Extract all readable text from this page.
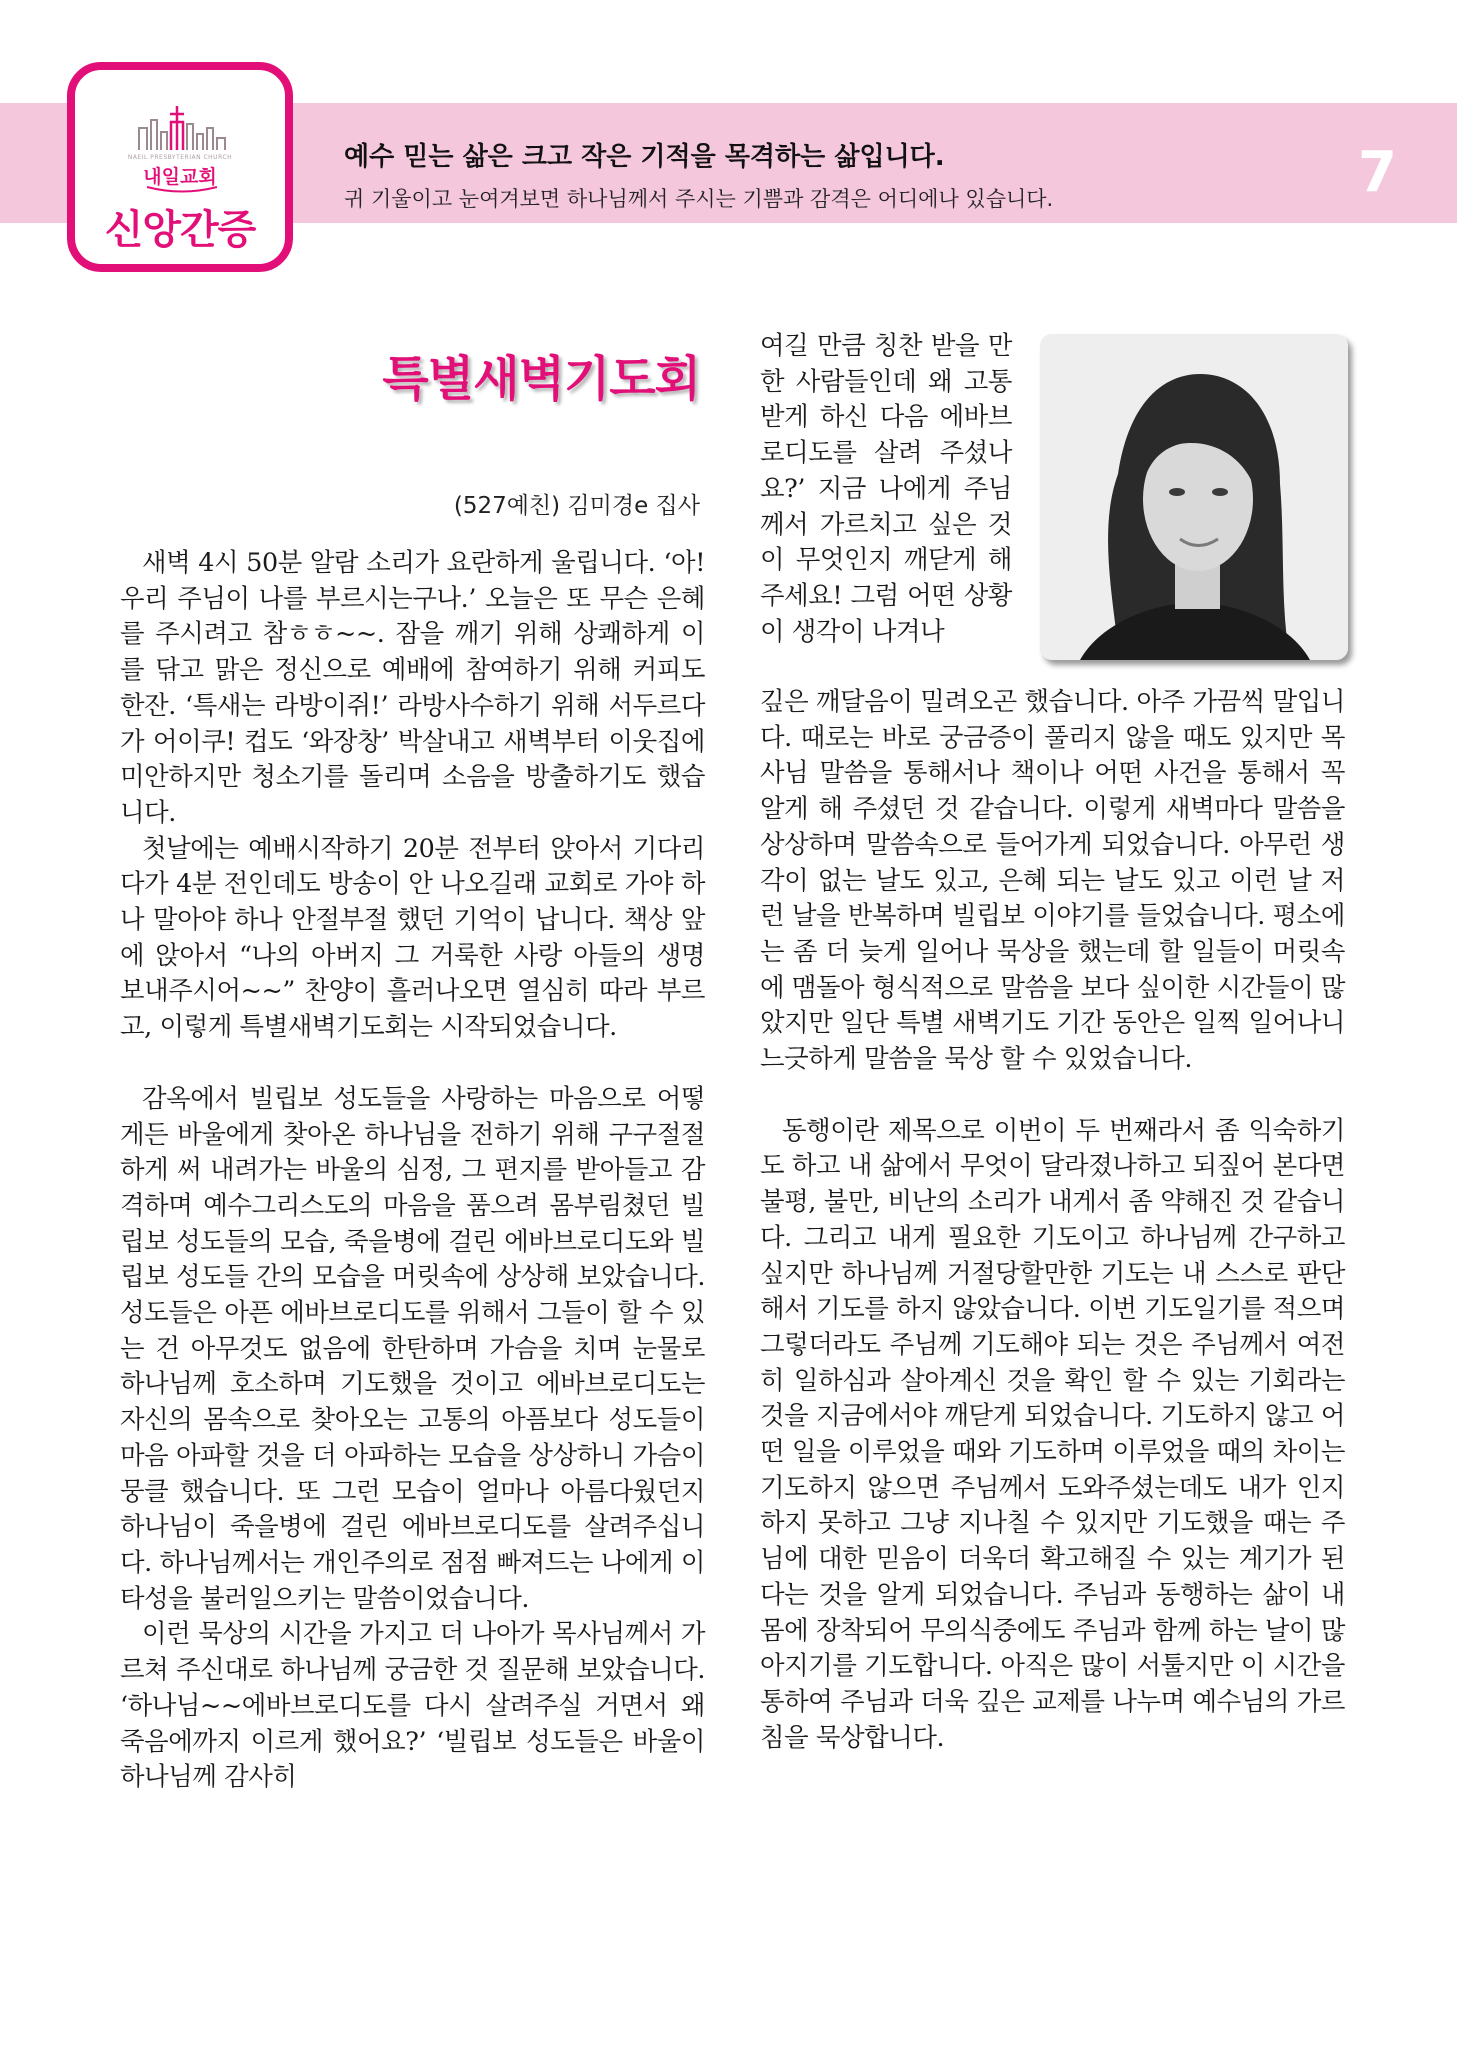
NAEIL PRESBYTERIAN CHURCH
내일교회
신앙간증
예수 믿는 삶은 크고 작은 기적을 목격하는 삶입니다.
귀 기울이고 눈여겨보면 하나님께서 주시는 기쁨과 감격은 어디에나 있습니다.	7
특별새벽기도회
(527예친) 김미경e 집사
새벽 4시 50분 알람 소리가 요란하게 울립니다. ‘아! 우리 주님이 나를 부르시는구나.’ 오늘은 또 무슨 은혜를 주시려고 참ㅎㅎ~~. 잠을 깨기 위해 상쾌하게 이를 닦고 맑은 정신으로 예배에 참여하기 위해 커피도 한잔. ‘특새는 라방이쥐!’ 라방사수하기 위해 서두르다가 어이쿠! 컵도 ‘와장창’ 박살내고 새벽부터 이웃집에 미안하지만 청소기를 돌리며 소음을 방출하기도 했습니다.
첫날에는 예배시작하기 20분 전부터 앉아서 기다리다가 4분 전인데도 방송이 안 나오길래 교회로 가야 하나 말아야 하나 안절부절 했던 기억이 납니다. 책상 앞에 앉아서 “나의 아버지 그 거룩한 사랑 아들의 생명 보내주시어~~” 찬양이 흘러나오면 열심히 따라 부르고, 이렇게 특별새벽기도회는 시작되었습니다.
감옥에서 빌립보 성도들을 사랑하는 마음으로 어떻게든 바울에게 찾아온 하나님을 전하기 위해 구구절절하게 써 내려가는 바울의 심정, 그 편지를 받아들고 감격하며 예수그리스도의 마음을 품으려 몸부림쳤던 빌립보 성도들의 모습, 죽을병에 걸린 에바브로디도와 빌립보 성도들 간의 모습을 머릿속에 상상해 보았습니다. 성도들은 아픈 에바브로디도를 위해서 그들이 할 수 있는 건 아무것도 없음에 한탄하며 가슴을 치며 눈물로 하나님께 호소하며 기도했을 것이고 에바브로디도는 자신의 몸속으로 찾아오는 고통의 아픔보다 성도들이 마음 아파할 것을 더 아파하는 모습을 상상하니 가슴이 뭉클 했습니다. 또 그런 모습이 얼마나 아름다웠던지 하나님이 죽을병에 걸린 에바브로디도를 살려주십니다. 하나님께서는 개인주의로 점점 빠져드는 나에게 이타성을 불러일으키는 말씀이었습니다.
이런 묵상의 시간을 가지고 더 나아가 목사님께서 가르쳐 주신대로 하나님께 궁금한 것 질문해 보았습니다. ‘하나님~~에바브로디도를 다시 살려주실 거면서 왜 죽음에까지 이르게 했어요?’ ‘빌립보 성도들은 바울이 하나님께 감사히
여길 만큼 칭찬 받을 만한 사람들인데 왜 고통받게 하신 다음 에바브로디도를 살려 주셨나요?’ 지금 나에게 주님께서 가르치고 싶은 것이 무엇인지 깨닫게 해 주세요! 그럼 어떤 상황이 생각이 나겨나
깊은 깨달음이 밀려오곤 했습니다. 아주 가끔씩 말입니다. 때로는 바로 궁금증이 풀리지 않을 때도 있지만 목사님 말씀을 통해서나 책이나 어떤 사건을 통해서 꼭 알게 해 주셨던 것 같습니다. 이렇게 새벽마다 말씀을 상상하며 말씀속으로 들어가게 되었습니다. 아무런 생각이 없는 날도 있고, 은혜 되는 날도 있고 이런 날 저런 날을 반복하며 빌립보 이야기를 들었습니다. 평소에는 좀 더 늦게 일어나 묵상을 했는데 할 일들이 머릿속에 맴돌아 형식적으로 말씀을 보다 싶이한 시간들이 많았지만 일단 특별 새벽기도 기간 동안은 일찍 일어나니 느긋하게 말씀을 묵상 할 수 있었습니다.
동행이란 제목으로 이번이 두 번째라서 좀 익숙하기도 하고 내 삶에서 무엇이 달라졌나하고 되짚어 본다면 불평, 불만, 비난의 소리가 내게서 좀 약해진 것 같습니다. 그리고 내게 필요한 기도이고 하나님께 간구하고 싶지만 하나님께 거절당할만한 기도는 내 스스로 판단해서 기도를 하지 않았습니다. 이번 기도일기를 적으며 그렇더라도 주님께 기도해야 되는 것은 주님께서 여전히 일하심과 살아계신 것을 확인 할 수 있는 기회라는 것을 지금에서야 깨닫게 되었습니다. 기도하지 않고 어떤 일을 이루었을 때와 기도하며 이루었을 때의 차이는 기도하지 않으면 주님께서 도와주셨는데도 내가 인지하지 못하고 그냥 지나칠 수 있지만 기도했을 때는 주님에 대한 믿음이 더욱더 확고해질 수 있는 계기가 된다는 것을 알게 되었습니다. 주님과 동행하는 삶이 내 몸에 장착되어 무의식중에도 주님과 함께 하는 날이 많아지기를 기도합니다. 아직은 많이 서툴지만 이 시간을 통하여 주님과 더욱 깊은 교제를 나누며 예수님의 가르침을 묵상합니다.
